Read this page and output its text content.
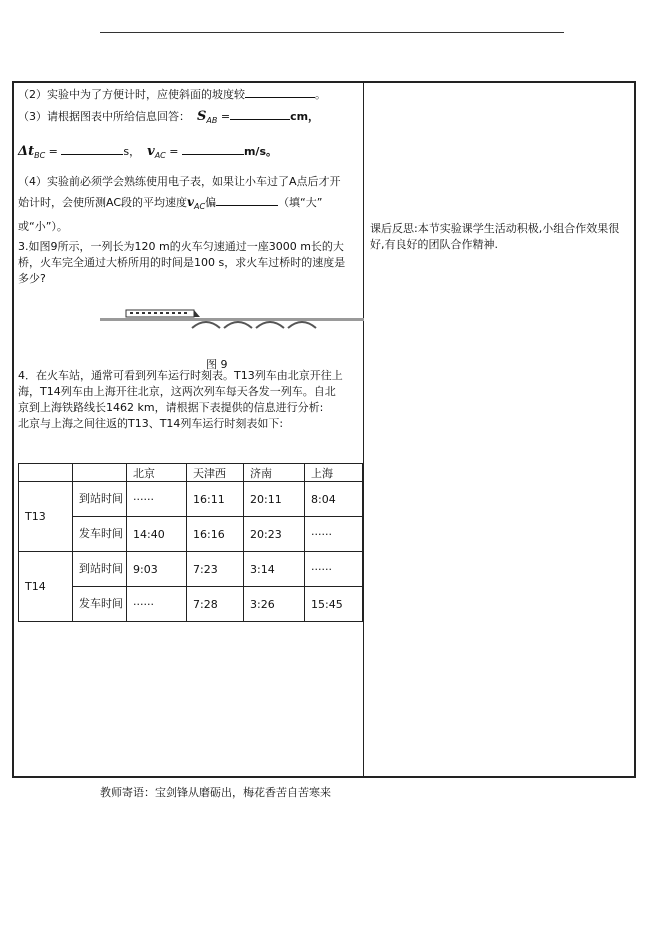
（2）实验中为了方便计时，应使斜面的坡度较	。
（3）请根据图表中所给信息回答： $S_{AB}$ =	cm，
$\Delta t_{BC}$ =	s， $v_{AC}$ =	m/s。
（4）实验前必须学会熟练使用电子表，如果让小车过了A点后才开
始计时，会使所测AC段的平均速度$v_{AC}$偏	（填“大”
或“小”）。
3.如图9所示，一列长为120 m的火车匀速通过一座3000 m长的大
桥，火车完全通过大桥所用的时间是100 s，求火车过桥时的速度是
多少?
4．在火车站，通常可看到列车运行时刻表。T13列车由北京开往上
海，T14列车由上海开往北京，这两次列车每天各发一列车。自北
京到上海铁路线长1462 km，请根据下表提供的信息进行分析:
北京与上海之间往返的T13、T14列车运行时刻表如下:
图 9
		北京	天津西	济南	上海
T13	到站时间	······	16:11	20:11	8:04
	发车时间	14:40	16:16	20:23	······
T14	到站时间	9:03	7:23	3:14	······
	发车时间	······	7:28	3:26	15:45
课后反思:本节实验课学生活动积极,小组合作效果很好,有良好的团队合作精神.
教师寄语：宝剑锋从磨砺出，梅花香苦自苦寒来
